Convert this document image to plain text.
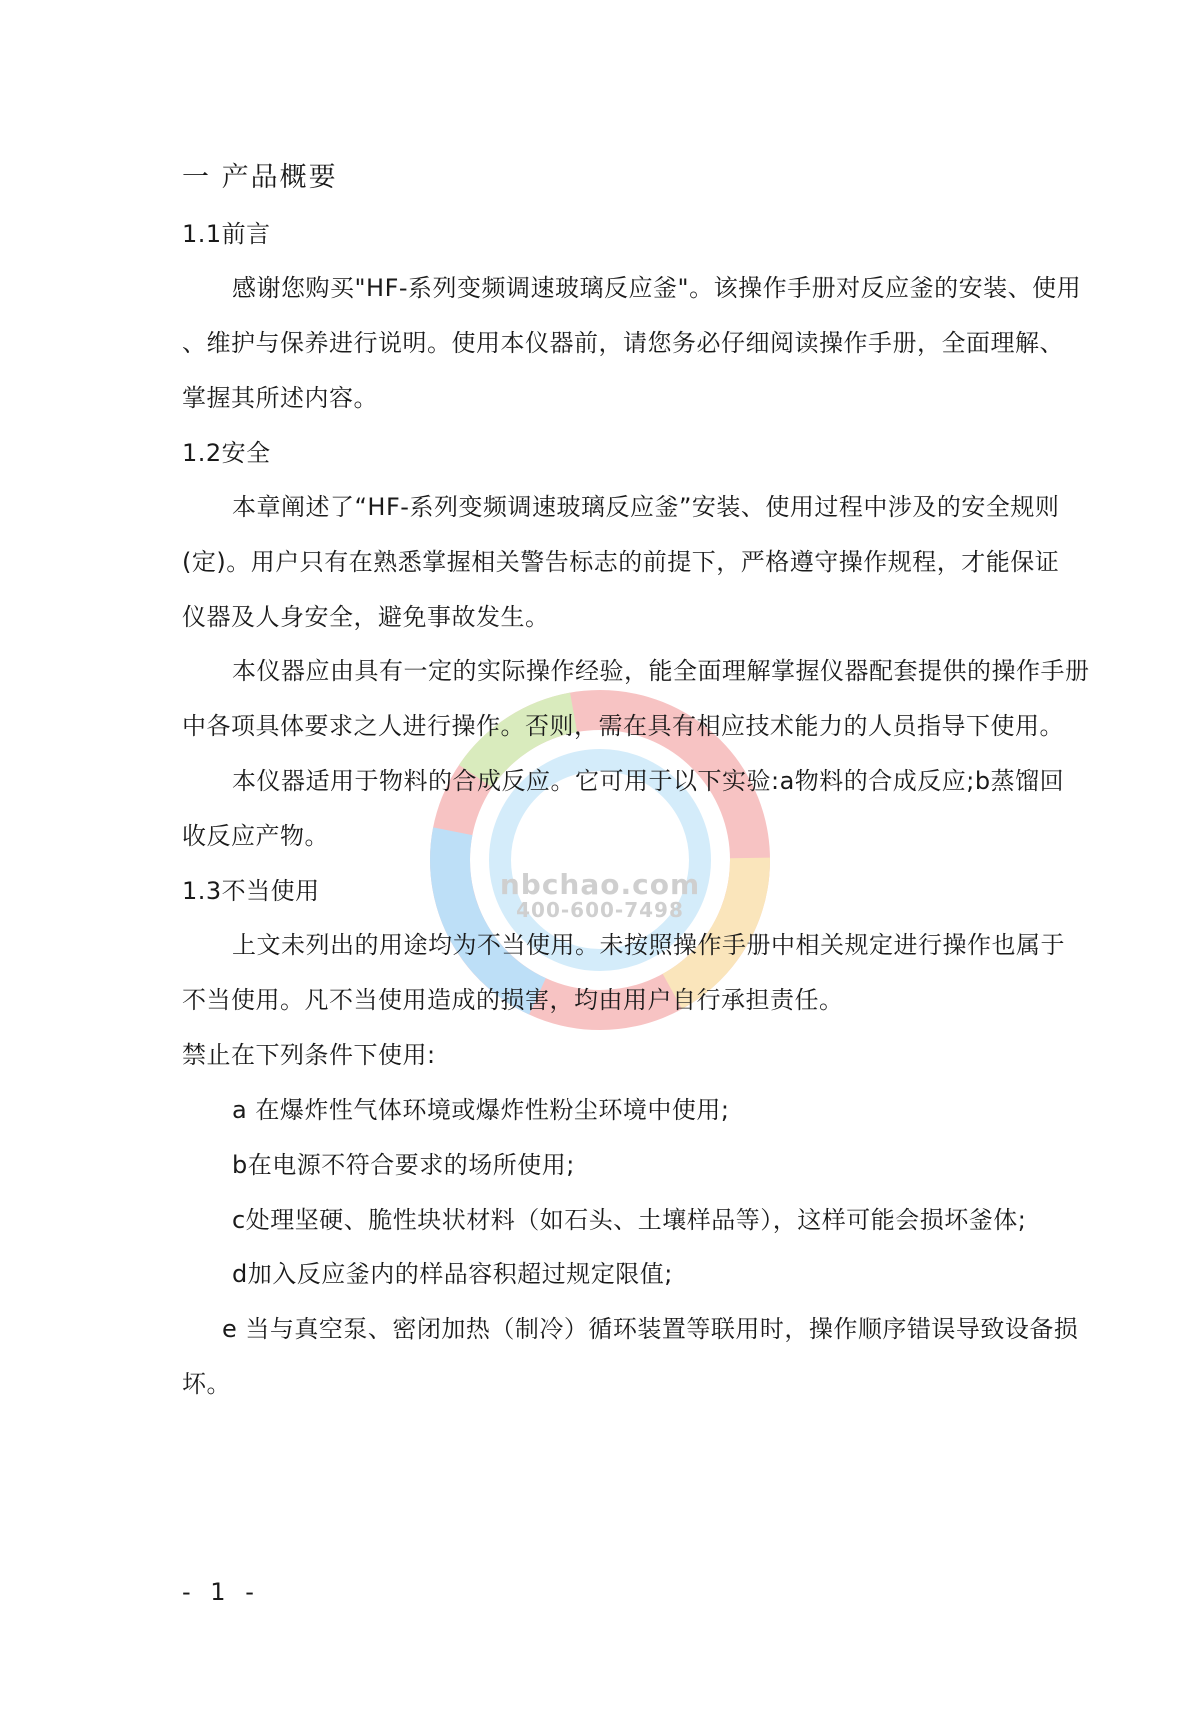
nbchao.com
400-600-7498
一 产品概要
1.1前言
感谢您购买"HF-系列变频调速玻璃反应釜"。该操作手册对反应釜的安装、使用
、维护与保养进行说明。使用本仪器前，请您务必仔细阅读操作手册，全面理解、
掌握其所述内容。
1.2安全
本章阐述了“HF-系列变频调速玻璃反应釜”安装、使用过程中涉及的安全规则
(定)。用户只有在熟悉掌握相关警告标志的前提下，严格遵守操作规程，才能保证
仪器及人身安全，避免事故发生。
本仪器应由具有一定的实际操作经验，能全面理解掌握仪器配套提供的操作手册
中各项具体要求之人进行操作。否则，需在具有相应技术能力的人员指导下使用。
本仪器适用于物料的合成反应。它可用于以下实验:a物料的合成反应;b蒸馏回
收反应产物。
1.3不当使用
上文未列出的用途均为不当使用。未按照操作手册中相关规定进行操作也属于
不当使用。凡不当使用造成的损害，均由用户自行承担责任。
禁止在下列条件下使用:
a 在爆炸性气体环境或爆炸性粉尘环境中使用;
b在电源不符合要求的场所使用;
c处理坚硬、脆性块状材料（如石头、土壤样品等），这样可能会损坏釜体;
d加入反应釜内的样品容积超过规定限值;
e 当与真空泵、密闭加热（制冷）循环装置等联用时，操作顺序错误导致设备损
坏。
- 1 -
